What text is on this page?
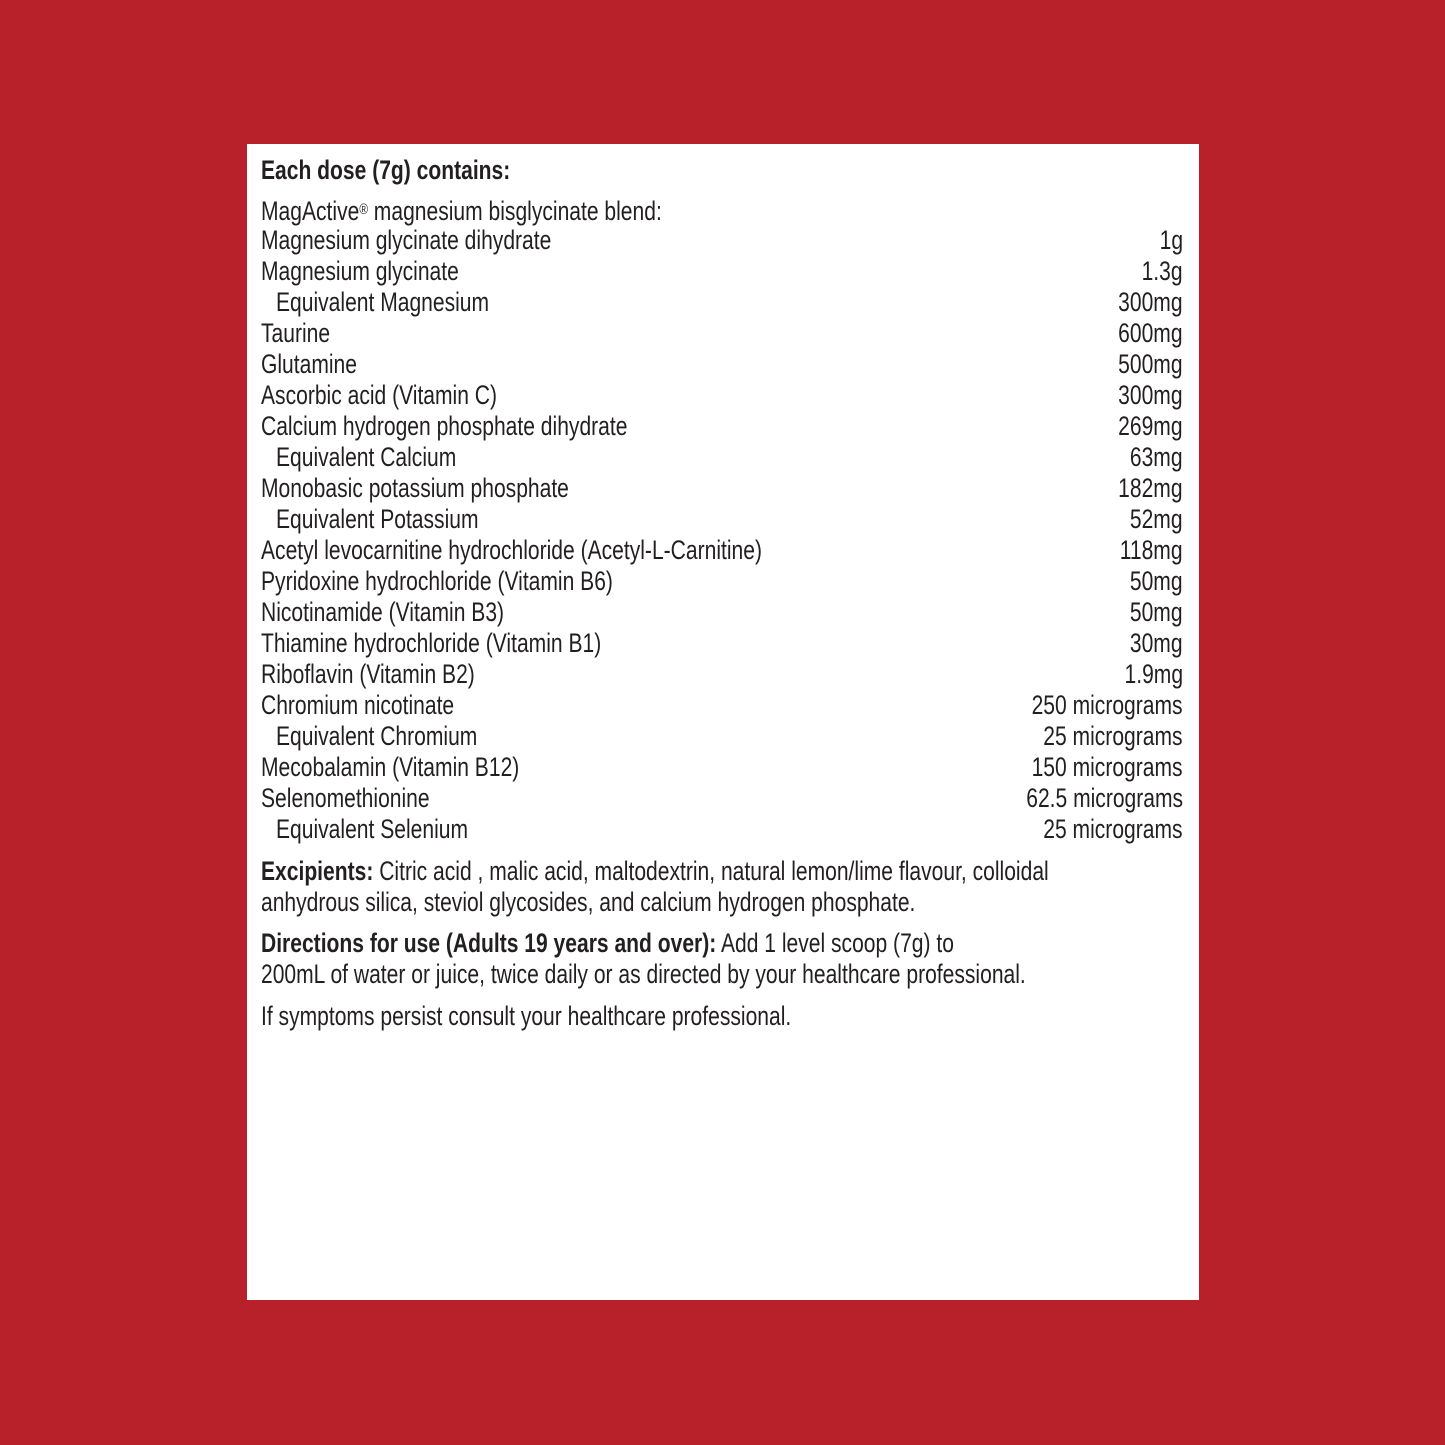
Each dose (7g) contains:
MagActive® magnesium bisglycinate blend:
Magnesium glycinate dihydrate	1g
Magnesium glycinate	1.3g
Equivalent Magnesium	300mg
Taurine	600mg
Glutamine	500mg
Ascorbic acid (Vitamin C)	300mg
Calcium hydrogen phosphate dihydrate	269mg
Equivalent Calcium	63mg
Monobasic potassium phosphate	182mg
Equivalent Potassium	52mg
Acetyl levocarnitine hydrochloride (Acetyl-L-Carnitine)	118mg
Pyridoxine hydrochloride (Vitamin B6)	50mg
Nicotinamide (Vitamin B3)	50mg
Thiamine hydrochloride (Vitamin B1)	30mg
Riboflavin (Vitamin B2)	1.9mg
Chromium nicotinate	250 micrograms
Equivalent Chromium	25 micrograms
Mecobalamin (Vitamin B12)	150 micrograms
Selenomethionine	62.5 micrograms
Equivalent Selenium	25 micrograms
Excipients: Citric acid , malic acid, maltodextrin, natural lemon/lime flavour, colloidal
anhydrous silica, steviol glycosides, and calcium hydrogen phosphate.
Directions for use (Adults 19 years and over): Add 1 level scoop (7g) to
200mL of water or juice, twice daily or as directed by your healthcare professional.
If symptoms persist consult your healthcare professional.
